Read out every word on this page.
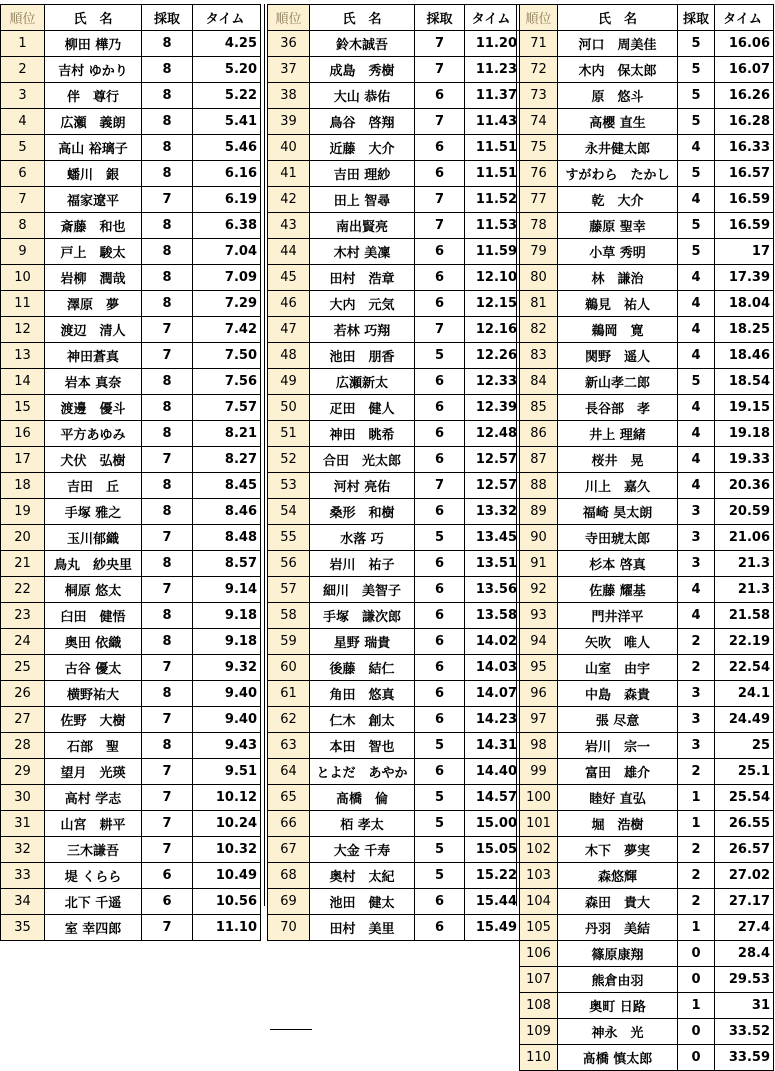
順位	氏　名	採取	タイム
1	柳田 樺乃	8	4.25
2	吉村 ゆかり	8	5.20
3	伴　尊行	8	5.22
4	広瀬　義朗	8	5.41
5	高山 裕璃子	8	5.46
6	蟠川　銀	8	6.16
7	福家遼平	7	6.19
8	斎藤　和也	8	6.38
9	戸上　駿太	8	7.04
10	岩柳　潤哉	8	7.09
11	澤原　夢	8	7.29
12	渡辺　清人	7	7.42
13	神田蒼真	7	7.50
14	岩本 真奈	8	7.56
15	渡邊　優斗	8	7.57
16	平方あゆみ	8	8.21
17	犬伏　弘樹	7	8.27
18	吉田　丘	8	8.45
19	手塚 雅之	8	8.46
20	玉川郁織	7	8.48
21	鳥丸　紗央里	8	8.57
22	桐原 悠太	7	9.14
23	臼田　健悟	8	9.18
24	奥田 依織	8	9.18
25	古谷 優太	7	9.32
26	横野祐大	8	9.40
27	佐野　大樹	7	9.40
28	石部　聖	8	9.43
29	望月　光瑛	7	9.51
30	高村 学志	7	10.12
31	山宮　耕平	7	10.24
32	三木謙吾	7	10.32
33	堤 くらら	6	10.49
34	北下 千遥	6	10.56
35	室 幸四郎	7	11.10
順位	氏　名	採取	タイム
36	鈴木誠吾	7	11.20
37	成島　秀樹	7	11.23
38	大山 恭佑	6	11.37
39	鳥谷　啓翔	7	11.43
40	近藤　大介	6	11.51
41	吉田 理紗	6	11.51
42	田上 智尋	7	11.52
43	南出賢亮	7	11.53
44	木村 美凜	6	11.59
45	田村　浩章	6	12.10
46	大内　元気	6	12.15
47	若林 巧翔	7	12.16
48	池田　朋香	5	12.26
49	広瀬新太	6	12.33
50	疋田　健人	6	12.39
51	神田　眺希	6	12.48
52	合田　光太郎	6	12.57
53	河村 亮佑	7	12.57
54	桑形　和樹	6	13.32
55	水落 巧	5	13.45
56	岩川　祐子	6	13.51
57	細川　美智子	6	13.56
58	手塚　謙次郎	6	13.58
59	星野 瑞貴	6	14.02
60	後藤　結仁	6	14.03
61	角田　悠真	6	14.07
62	仁木　創太	6	14.23
63	本田　智也	5	14.31
64	とよだ　あやか	6	14.40
65	髙橋　倫	5	14.57
66	栢 孝太	5	15.00
67	大金 千寿	5	15.05
68	奥村　太紀	5	15.22
69	池田　健太	6	15.44
70	田村　美里	6	15.49
順位	氏　名	採取	タイム
71	河口　周美佳	5	16.06
72	木内　保太郎	5	16.07
73	原　悠斗	5	16.26
74	高櫻 直生	5	16.28
75	永井健太郎	4	16.33
76	すがわら　たかし	5	16.57
77	乾　大介	4	16.59
78	藤原 聖幸	5	16.59
79	小草 秀明	5	17
80	林　謙治	4	17.39
81	鵜見　祐人	4	18.04
82	鵜岡　寛	4	18.25
83	関野　遥人	4	18.46
84	新山孝二郎	5	18.54
85	長谷部　孝	4	19.15
86	井上 理緒	4	19.18
87	桜井　晃	4	19.33
88	川上　嘉久	4	20.36
89	福崎 昊太朗	3	20.59
90	寺田琥太郎	3	21.06
91	杉本 啓真	3	21.3
92	佐藤 耀基	4	21.3
93	門井洋平	4	21.58
94	矢吹　唯人	2	22.19
95	山室　由宇	2	22.54
96	中島　森貴	3	24.1
97	張 尽意	3	24.49
98	岩川　宗一	3	25
99	富田　雄介	2	25.1
100	睦好 直弘	1	25.54
101	堀　浩樹	1	26.55
102	木下　夢実	2	26.57
103	森悠輝	2	27.02
104	森田　貴大	2	27.17
105	丹羽　美結	1	27.4
106	篠原康翔	0	28.4
107	熊倉由羽	0	29.53
108	奥町 日路	1	31
109	神永　光	0	33.52
110	髙橋 慎太郎	0	33.59
